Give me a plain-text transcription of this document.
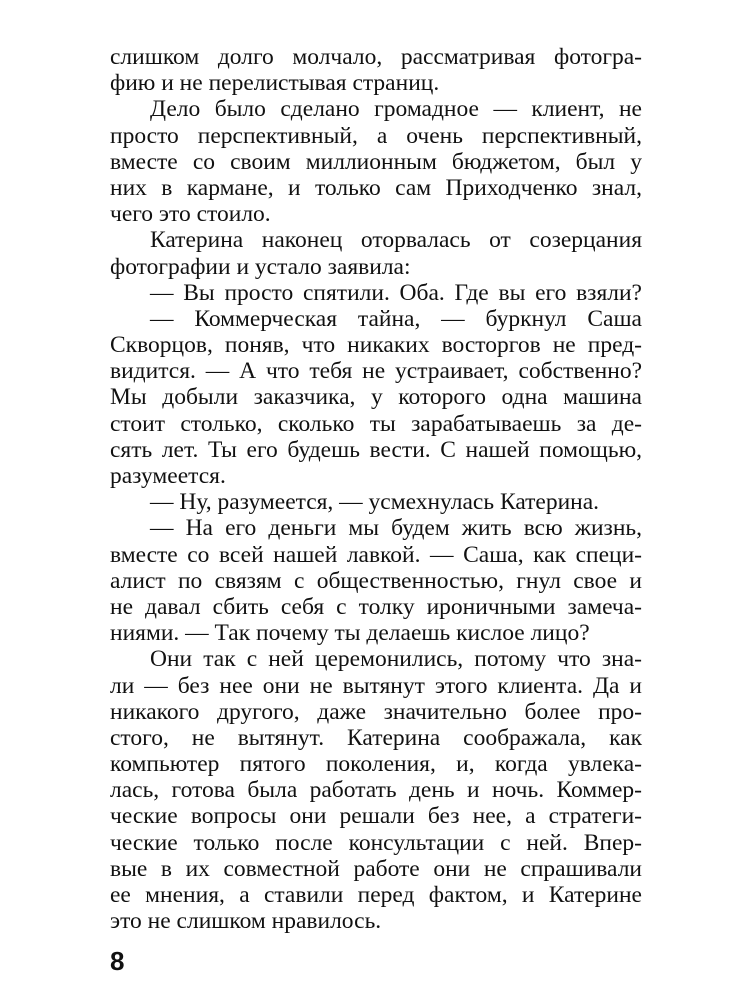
слишком долго молчало, рассматривая фотогра-
фию и не перелистывая страниц.
Дело было сделано громадное — клиент, не
просто перспективный, а очень перспективный,
вместе со своим миллионным бюджетом, был у
них в кармане, и только сам Приходченко знал,
чего это стоило.
Катерина наконец оторвалась от созерцания
фотографии и устало заявила:
— Вы просто спятили. Оба. Где вы его взяли?
— Коммерческая тайна, — буркнул Саша
Скворцов, поняв, что никаких восторгов не пред-
видится. — А что тебя не устраивает, собственно?
Мы добыли заказчика, у которого одна машина
стоит столько, сколько ты зарабатываешь за де-
сять лет. Ты его будешь вести. С нашей помощью,
разумеется.
— Ну, разумеется, — усмехнулась Катерина.
— На его деньги мы будем жить всю жизнь,
вместе со всей нашей лавкой. — Саша, как специ-
алист по связям с общественностью, гнул свое и
не давал сбить себя с толку ироничными замеча-
ниями. — Так почему ты делаешь кислое лицо?
Они так с ней церемонились, потому что зна-
ли — без нее они не вытянут этого клиента. Да и
никакого другого, даже значительно более про-
стого, не вытянут. Катерина соображала, как
компьютер пятого поколения, и, когда увлека-
лась, готова была работать день и ночь. Коммер-
ческие вопросы они решали без нее, а стратеги-
ческие только после консультации с ней. Впер-
вые в их совместной работе они не спрашивали
ее мнения, а ставили перед фактом, и Катерине
это не слишком нравилось.
8
